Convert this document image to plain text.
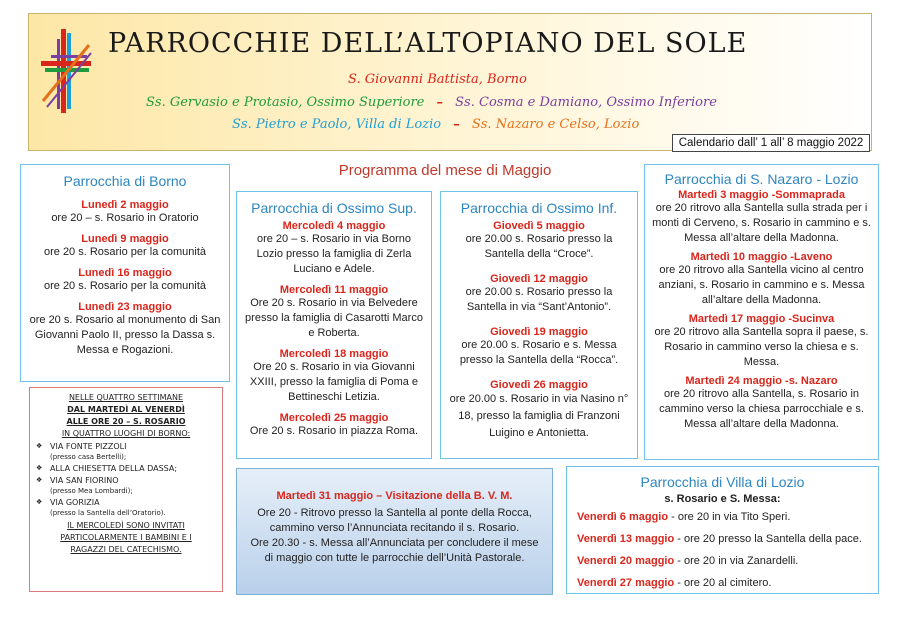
PARROCCHIE DELL’ALTOPIANO DEL SOLE
S. Giovanni Battista, Borno
Ss. Gervasio e Protasio, Ossimo Superiore – Ss. Cosma e Damiano, Ossimo Inferiore
Ss. Pietro e Paolo, Villa di Lozio – Ss. Nazaro e Celso, Lozio
Calendario dall’ 1 all’ 8 maggio 2022
Programma del mese di Maggio
Parrocchia di Borno
Lunedì 2 maggio
ore 20 – s. Rosario in Oratorio
Lunedì 9 maggio
ore 20 s. Rosario per la comunità
Lunedì 16 maggio
ore 20 s. Rosario per la comunità
Lunedì 23 maggio
ore 20 s. Rosario al monumento di San Giovanni Paolo II, presso la Dassa s. Messa e Rogazioni.
NELLE QUATTRO SETTIMANE
DAL MARTEDÌ AL VENERDÌ
ALLE ORE 20 – S. ROSARIO
IN QUATTRO LUOGHI DI BORNO:
❖ VIA FONTE PIZZOLI
(presso casa Bertelli);
❖ ALLA CHIESETTA DELLA DASSA;
❖ VIA SAN FIORINO
(presso Mea Lombardi);
❖ VIA GORIZIA
(presso la Santella dell’Oratorio).
IL MERCOLEDÌ SONO INVITATI
PARTICOLARMENTE I BAMBINI E I
RAGAZZI DEL CATECHISMO.
Parrocchia di Ossimo Sup.
Mercoledì 4 maggio
ore 20 – s. Rosario in via Borno Lozio presso la famiglia di Zerla Luciano e Adele.
Mercoledì 11 maggio
Ore 20 s. Rosario in via Belvedere presso la famiglia di Casarotti Marco e Roberta.
Mercoledì 18 maggio
Ore 20 s. Rosario in via Giovanni XXIII, presso la famiglia di Poma e Bettineschi Letizia.
Mercoledì 25 maggio
Ore 20 s. Rosario in piazza Roma.
Parrocchia di Ossimo Inf.
Giovedì 5 maggio
ore 20.00 s. Rosario presso la Santella della “Croce”.
Giovedì 12 maggio
ore 20.00 s. Rosario presso la Santella in via “Sant’Antonio”.
Giovedì 19 maggio
ore 20.00 s. Rosario e s. Messa presso la Santella della “Rocca”.
Giovedì 26 maggio
ore 20.00 s. Rosario in via Nasino n° 18, presso la famiglia di Franzoni Luigino e Antonietta.
Parrocchia di S. Nazaro - Lozio
Martedì 3 maggio -Sommaprada
ore 20 ritrovo alla Santella sulla strada per i monti di Cerveno, s. Rosario in cammino e s. Messa all’altare della Madonna.
Martedì 10 maggio -Laveno
ore 20 ritrovo alla Santella vicino al centro anziani, s. Rosario in cammino e s. Messa all’altare della Madonna.
Martedì 17 maggio -Sucinva
ore 20 ritrovo alla Santella sopra il paese, s. Rosario in cammino verso la chiesa e s. Messa.
Martedì 24 maggio -s. Nazaro
ore 20 ritrovo alla Santella, s. Rosario in cammino verso la chiesa parrocchiale e s. Messa all’altare della Madonna.
Martedì 31 maggio – Visitazione della B. V. M.
Ore 20 - Ritrovo presso la Santella al ponte della Rocca,
cammino verso l’Annunciata recitando il s. Rosario.
Ore 20.30 - s. Messa all’Annunciata per concludere il mese
di maggio con tutte le parrocchie dell’Unità Pastorale.
Parrocchia di Villa di Lozio
s. Rosario e S. Messa:
Venerdì 6 maggio - ore 20 in via Tito Speri.
Venerdì 13 maggio - ore 20 presso la Santella della pace.
Venerdì 20 maggio - ore 20 in via Zanardelli.
Venerdì 27 maggio - ore 20 al cimitero.
